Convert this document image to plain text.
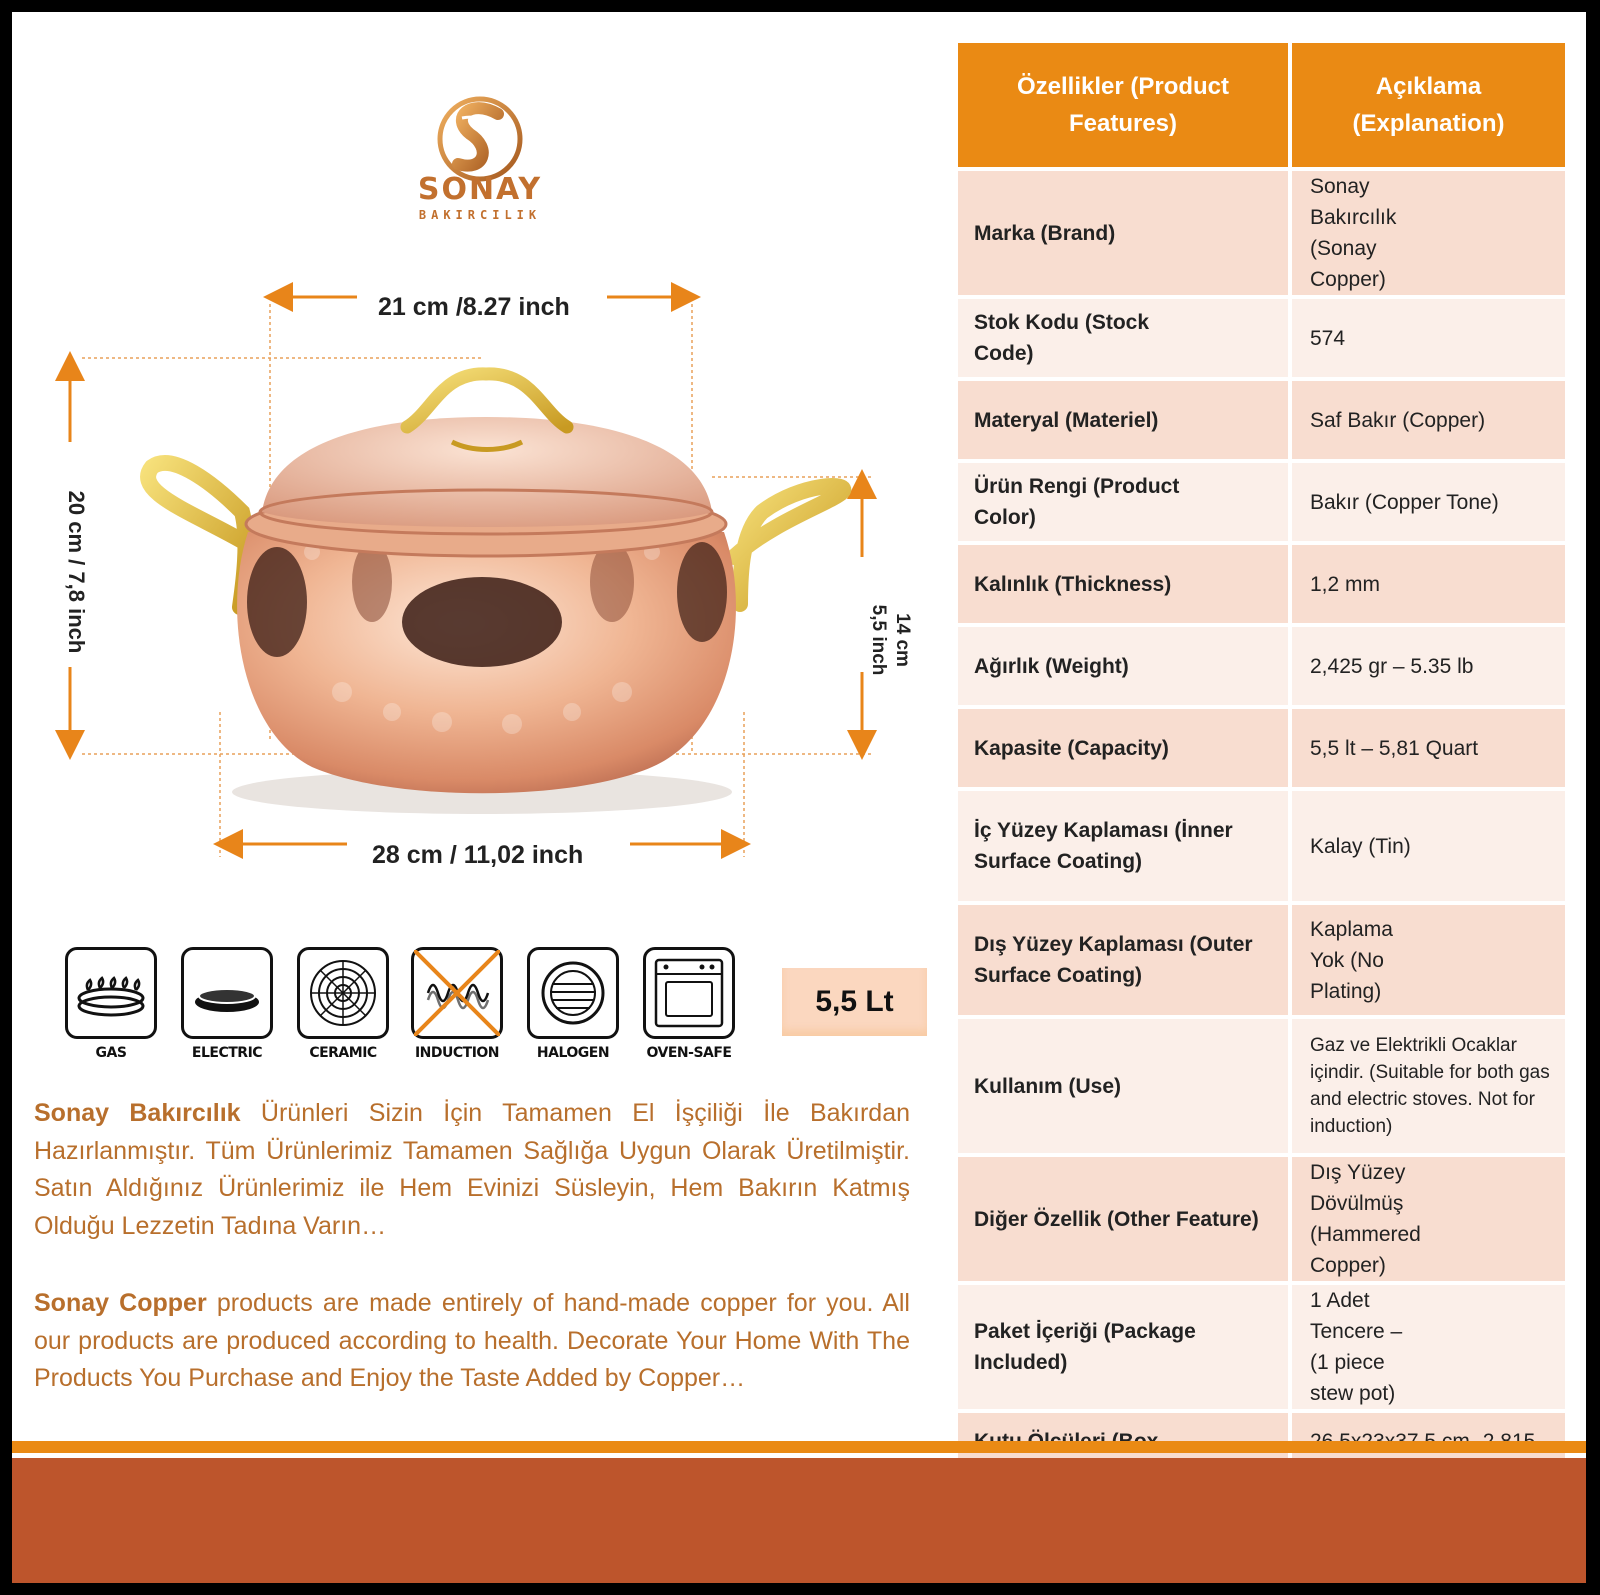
SONAY
BAKIRCILIK
21 cm /8.27 inch
28 cm / 11,02 inch
20 cm / 7,8 inch	14 cm
5,5 inch
GAS	ELECTRIC	CERAMIC	INDUCTION	HALOGEN	OVEN-SAFE
5,5 Lt
Sonay Bakırcılık Ürünleri Sizin İçin Tamamen El İşçiliği İle Bakırdan Hazırlanmıştır. Tüm Ürünlerimiz Tamamen Sağlığa Uygun Olarak Üretilmiştir. Satın Aldığınız Ürünlerimiz ile Hem Evinizi Süsleyin, Hem Bakırın Katmış Olduğu Lezzetin Tadına Varın…
Sonay Copper products are made entirely of hand-made copper for you. All our products are produced according to health. Decorate Your Home With The Products You Purchase and Enjoy the Taste Added by Copper…
Özellikler (Product Features)	Açıklama (Explanation)
Marka (Brand)	Sonay Bakırcılık (Sonay Copper)
Stok Kodu (Stock Code)	574
Materyal (Materiel)	Saf Bakır (Copper)
Ürün Rengi (Product Color)	Bakır (Copper Tone)
Kalınlık (Thickness)	1,2 mm
Ağırlık (Weight)	2,425 gr – 5.35 lb
Kapasite (Capacity)	5,5 lt – 5,81 Quart
İç Yüzey Kaplaması (İnner Surface Coating)	Kalay (Tin)
Dış Yüzey Kaplaması (Outer Surface Coating)	Kaplama Yok (No Plating)
Kullanım (Use)	Gaz ve Elektrikli Ocaklar içindir. (Suitable for both gas and electric stoves. Not for induction)
Diğer Özellik (Other Feature)	Dış Yüzey Dövülmüş (Hammered Copper)
Paket İçeriği (Package Included)	1 Adet Tencere – (1 piece stew pot)
